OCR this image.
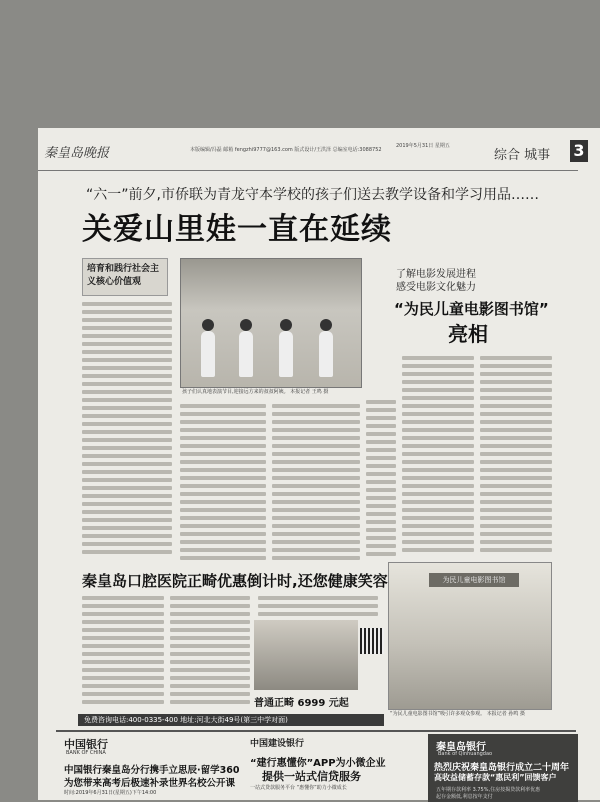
秦皇岛晚报	本版编辑/冯磊 邮箱 fengzhi9777@163.com 版式设计/王洪泽 总编室电话:3088752
2019年5月31日 星期五
综合 城事 3
“六一”前夕,市侨联为青龙守本学校的孩子们送去教学设备和学习用品……
关爱山里娃一直在延续
培育和践行社会主义核心价值观
孩子们认真地表演节目,迎接远方来的叔叔阿姨。 本报记者 王鸣 摄
了解电影发展进程
感受电影文化魅力
“为民儿童电影图书馆”
亮相
秦皇岛口腔医院正畸优惠倒计时,还您健康笑容
普通正畸 6999 元起
免费咨询电话:400-0335-400 地址:河北大街49号(第三中学对面)
为民儿童电影图书馆
“为民儿童电影图书馆”吸引许多观众参观。 本报记者 孙鸣 摄
中国银行
BANK OF CHINA
中国银行秦皇岛分行携手立思辰·留学360
为您带来高考后极速补录世界名校公开课
时间:2019年6月31日(星期五)下午14:00
中国建设银行
“建行惠懂你”APP为小微企业
提供一站式信贷服务
一站式贷款服务平台 “惠懂你”助力小微成长
秦皇岛银行
Bank of Qinhuangdao
热烈庆祝秦皇岛银行成立二十周年
高收益储蓄存款“惠民利”回馈客户
五年期存款利率 3.75%,住房按揭贷款利率优惠
起存金额低,利息按年支付
